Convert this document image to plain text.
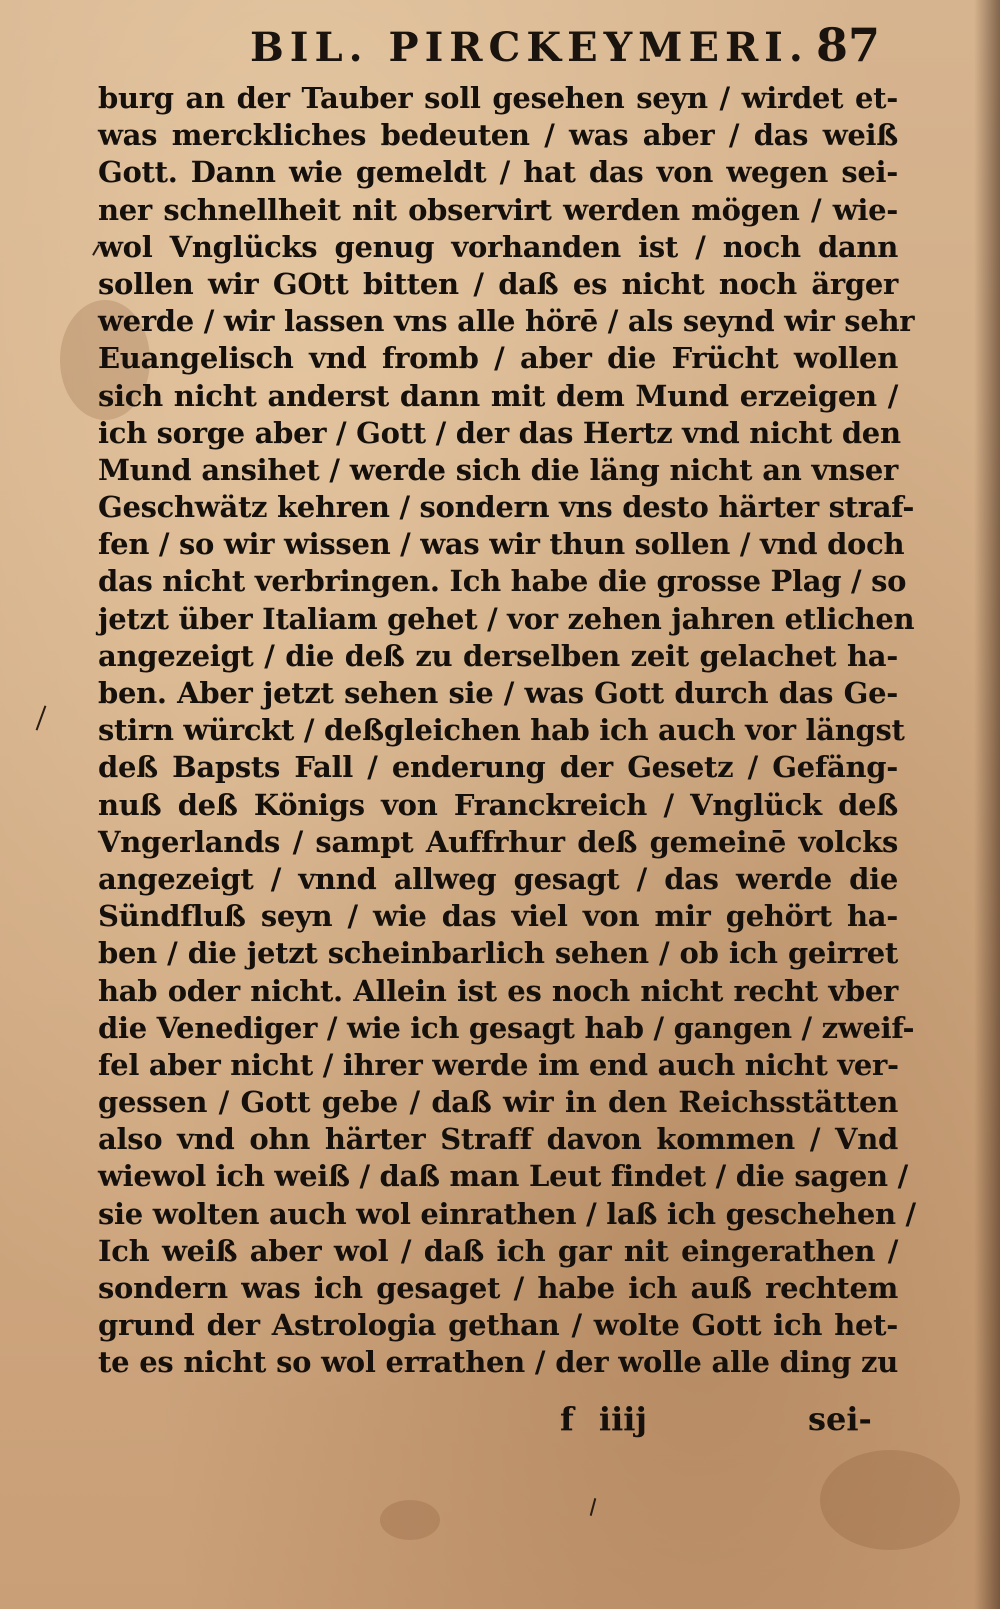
BIL. PIRCKEYMERI. 87
burg an der Tauber soll gesehen seyn / wirdet et-
was merckliches bedeuten / was aber / das weiß
Gott. Dann wie gemeldt / hat das von wegen sei-
ner schnellheit nit observirt werden mögen / wie-
wol Vnglücks genug vorhanden ist / noch dann
sollen wir GOtt bitten / daß es nicht noch ärger
werde / wir lassen vns alle hörē / als seynd wir sehr
Euangelisch vnd fromb / aber die Frücht wollen
sich nicht anderst dann mit dem Mund erzeigen /
ich sorge aber / Gott / der das Hertz vnd nicht den
Mund ansihet / werde sich die läng nicht an vnser
Geschwätz kehren / sondern vns desto härter straf-
fen / so wir wissen / was wir thun sollen / vnd doch
das nicht verbringen. Ich habe die grosse Plag / so
jetzt über Italiam gehet / vor zehen jahren etlichen
angezeigt / die deß zu derselben zeit gelachet ha-
ben. Aber jetzt sehen sie / was Gott durch das Ge-
stirn würckt / deßgleichen hab ich auch vor längst
deß Bapsts Fall / enderung der Gesetz / Gefäng-
nuß deß Königs von Franckreich / Vnglück deß
Vngerlands / sampt Auffrhur deß gemeinē volcks
angezeigt / vnnd allweg gesagt / das werde die
Sündfluß seyn / wie das viel von mir gehört ha-
ben / die jetzt scheinbarlich sehen / ob ich geirret
hab oder nicht. Allein ist es noch nicht recht vber
die Venediger / wie ich gesagt hab / gangen / zweif-
fel aber nicht / ihrer werde im end auch nicht ver-
gessen / Gott gebe / daß wir in den Reichsstätten
also vnd ohn härter Straff davon kommen / Vnd
wiewol ich weiß / daß man Leut findet / die sagen /
sie wolten auch wol einrathen / laß ich geschehen /
Ich weiß aber wol / daß ich gar nit eingerathen /
sondern was ich gesaget / habe ich auß rechtem
grund der Astrologia gethan / wolte Gott ich het-
te es nicht so wol errathen / der wolle alle ding zu
f iiij	sei-
